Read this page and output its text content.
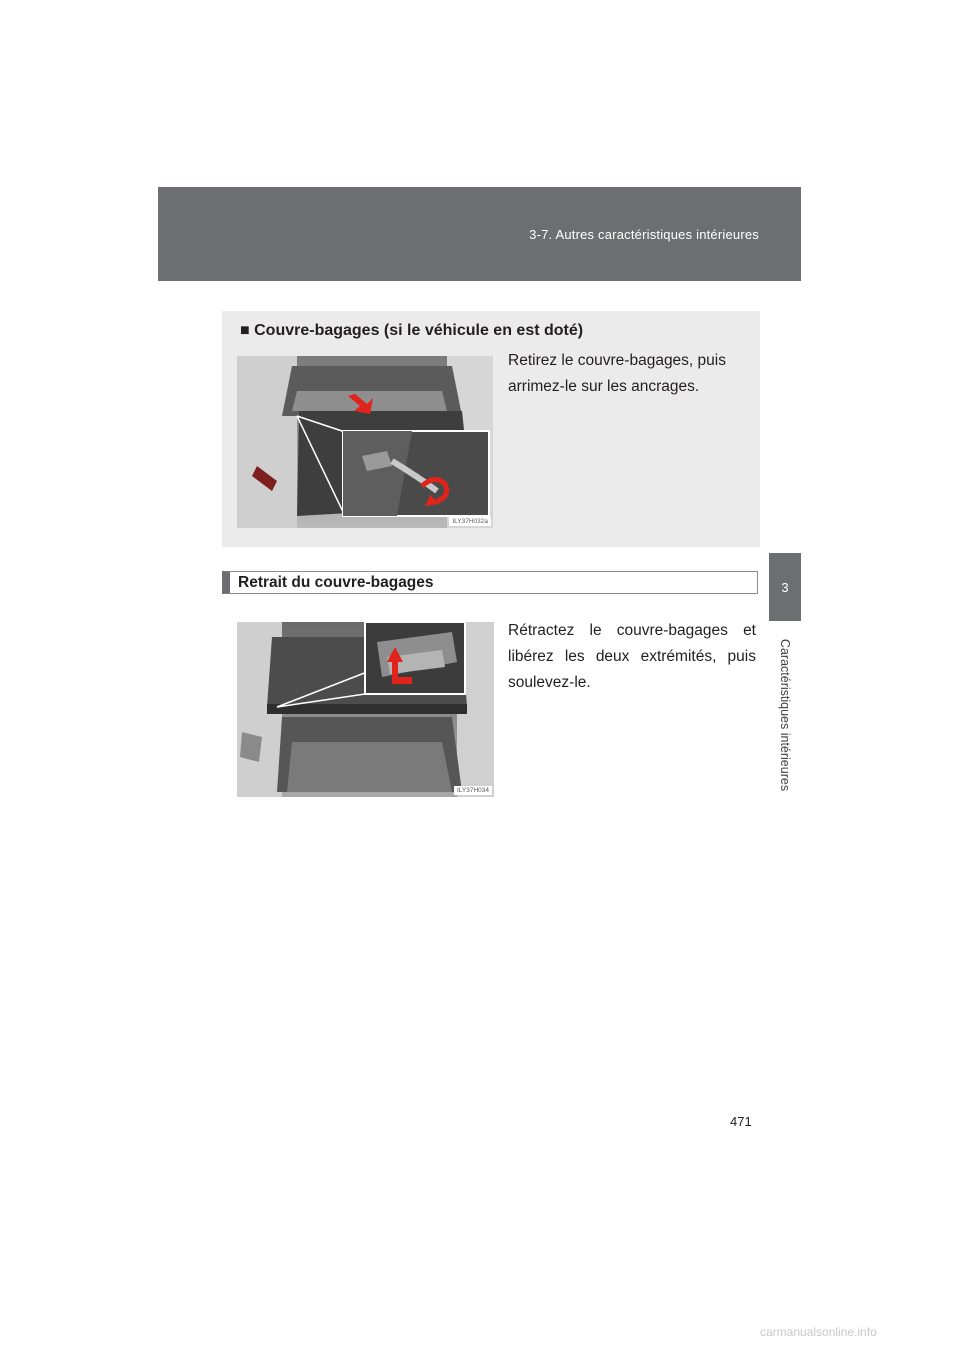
3-7. Autres caractéristiques intérieures
3
Caractéristiques intérieures
■ Couvre-bagages (si le véhicule en est doté)
ILY37H032a
Retirez le couvre-bagages, puis arrimez-le sur les ancrages.
Retrait du couvre-bagages
ILY37H034
Rétractez le couvre-bagages et libérez les deux extrémités, puis soulevez-le.
471
carmanualsonline.info
